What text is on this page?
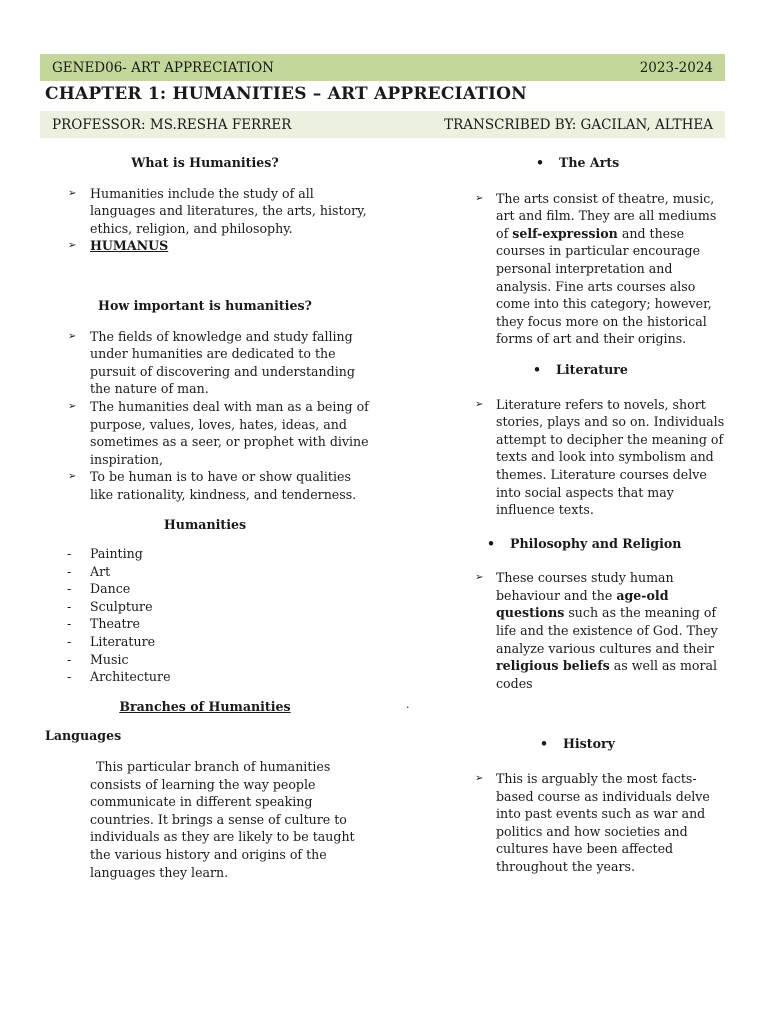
GENED06- ART APPRECIATION	2023-2024
CHAPTER 1: HUMANITIES – ART APPRECIATION
PROFESSOR: MS.RESHA FERRER	TRANSCRIBED BY: GACILAN, ALTHEA
What is Humanities?
➢ Humanities include the study of all languages and literatures, the arts, history, ethics, religion, and philosophy.
➢ HUMANUS
How important is humanities?
➢ The fields of knowledge and study falling under humanities are dedicated to the pursuit of discovering and understanding the nature of man.
➢ The humanities deal with man as a being of purpose, values, loves, hates, ideas, and sometimes as a seer, or prophet with divine inspiration,
➢ To be human is to have or show qualities like rationality, kindness, and tenderness.
Humanities
- Painting
- Art
- Dance
- Sculpture
- Theatre
- Literature
- Music
- Architecture
Branches of Humanities
Languages
This particular branch of humanities consists of learning the way people communicate in different speaking countries. It brings a sense of culture to individuals as they are likely to be taught the various history and origins of the languages they learn.
.
• The Arts
➢ The arts consist of theatre, music, art and film. They are all mediums of self-expression and these courses in particular encourage personal interpretation and analysis. Fine arts courses also come into this category; however, they focus more on the historical forms of art and their origins.
• Literature
➢ Literature refers to novels, short stories, plays and so on. Individuals attempt to decipher the meaning of texts and look into symbolism and themes. Literature courses delve into social aspects that may influence texts.
• Philosophy and Religion
➢ These courses study human behaviour and the age-old questions such as the meaning of life and the existence of God. They analyze various cultures and their religious beliefs as well as moral codes
• History
➢ This is arguably the most facts-based course as individuals delve into past events such as war and politics and how societies and cultures have been affected throughout the years.
